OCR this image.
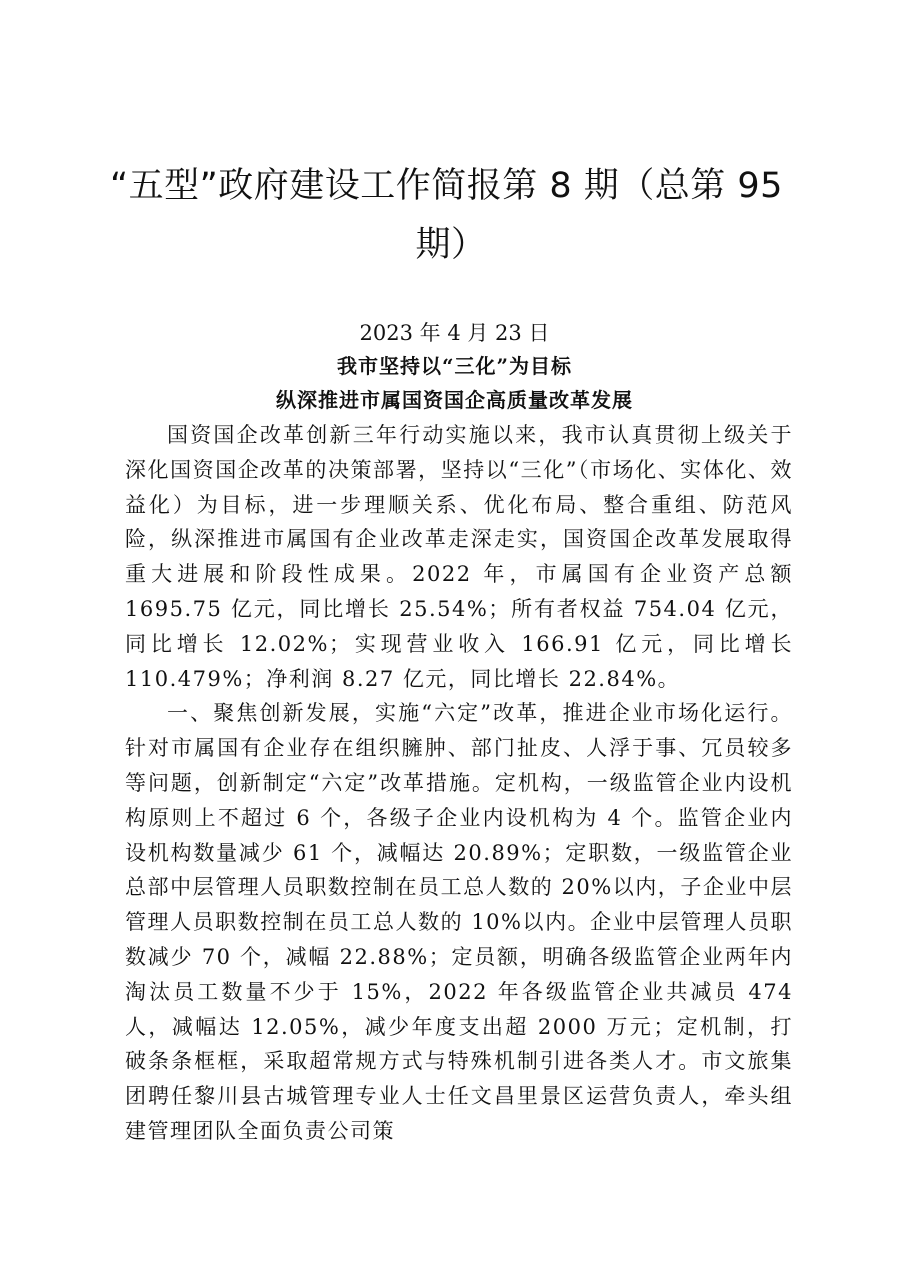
“五型”政府建设工作简报第 8 期（总第 95
期）
2023 年 4 月 23 日
我市坚持以“三化”为目标
纵深推进市属国资国企高质量改革发展

国资国企改革创新三年行动实施以来，我市认真贯彻上级关于深化国资国企改革的决策部署，坚持以“三化”（市场化、实体化、效益化）为目标，进一步理顺关系、优化布局、整合重组、防范风险，纵深推进市属国有企业改革走深走实，国资国企改革发展取得重大进展和阶段性成果。2022 年，市属国有企业资产总额 1695.75 亿元，同比增长 25.54%；所有者权益 754.04 亿元，同比增长 12.02%；实现营业收入 166.91 亿元，同比增长 110.479%；净利润 8.27 亿元，同比增长 22.84%。

一、聚焦创新发展，实施“六定”改革，推进企业市场化运行。针对市属国有企业存在组织臃肿、部门扯皮、人浮于事、冗员较多等问题，创新制定“六定”改革措施。定机构，一级监管企业内设机构原则上不超过 6 个，各级子企业内设机构为 4 个。监管企业内设机构数量减少 61 个，减幅达 20.89%；定职数，一级监管企业总部中层管理人员职数控制在员工总人数的 20%以内，子企业中层管理人员职数控制在员工总人数的 10%以内。企业中层管理人员职数减少 70 个，减幅 22.88%；定员额，明确各级监管企业两年内淘汰员工数量不少于 15%，2022 年各级监管企业共减员 474 人，减幅达 12.05%，减少年度支出超 2000 万元；定机制，打破条条框框，采取超常规方式与特殊机制引进各类人才。市文旅集团聘任黎川县古城管理专业人士任文昌里景区运营负责人，牵头组建管理团队全面负责公司策
